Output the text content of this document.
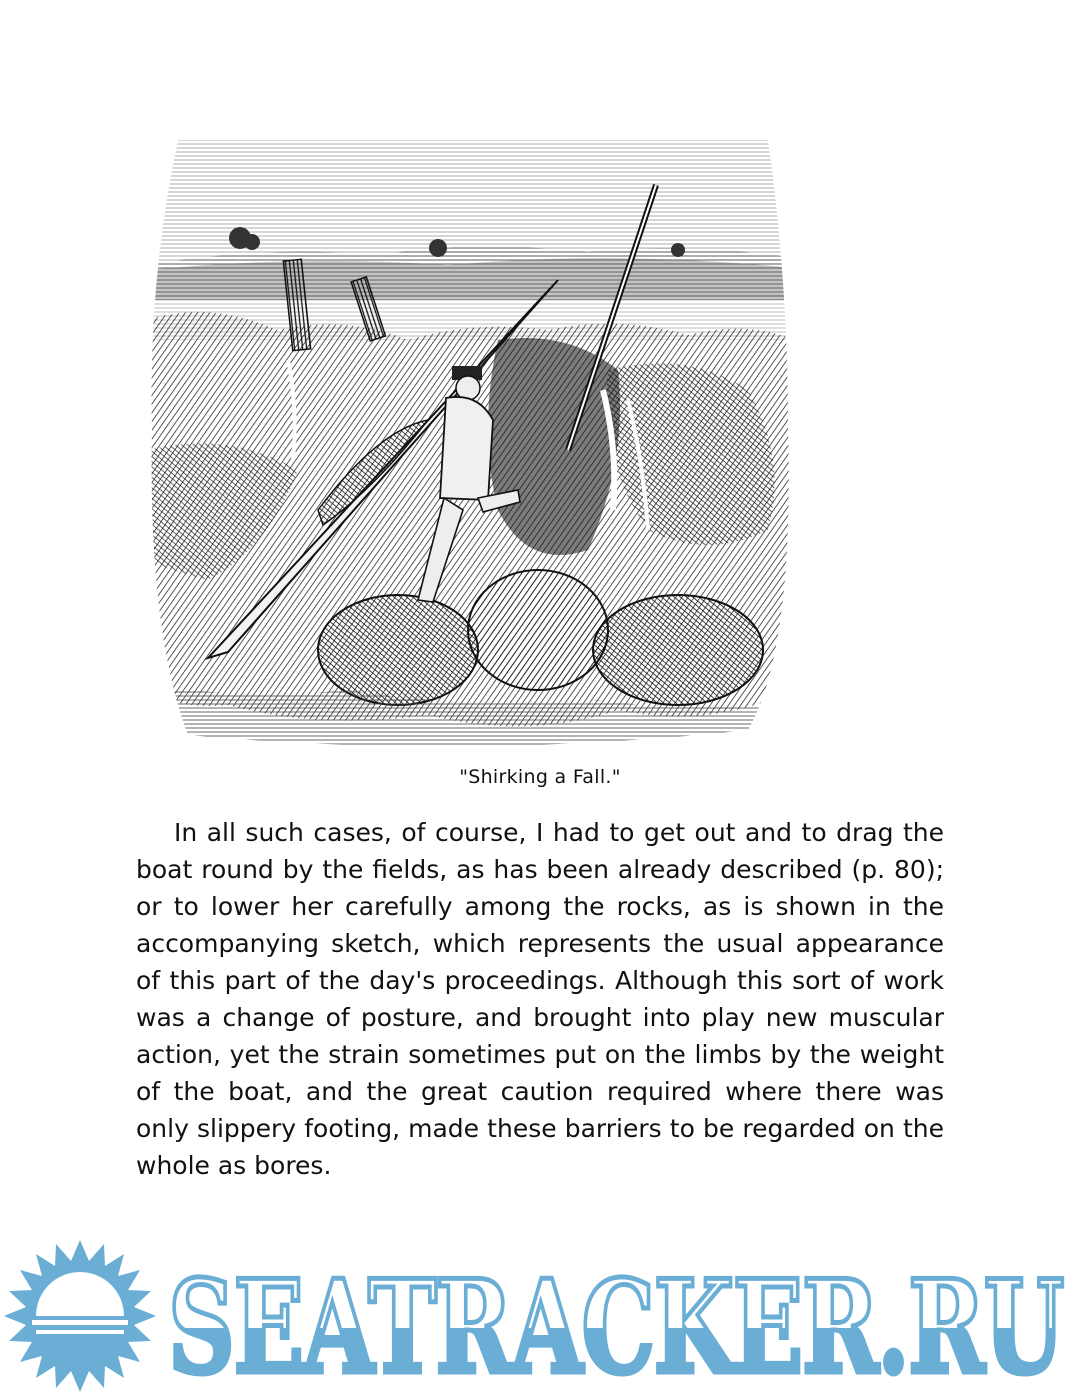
"Shirking a Fall."

In all such cases, of course, I had to get out and to drag the boat round by the fields, as has been already described (p. 80); or to lower her carefully among the rocks, as is shown in the accompanying sketch, which represents the usual appearance of this part of the day's proceedings. Although this sort of work was a change of posture, and brought into play new muscular action, yet the strain sometimes put on the limbs by the weight of the boat, and the great caution required where there was only slippery footing, made these barriers to be regarded on the whole as bores.

SEATRACKER.RU
